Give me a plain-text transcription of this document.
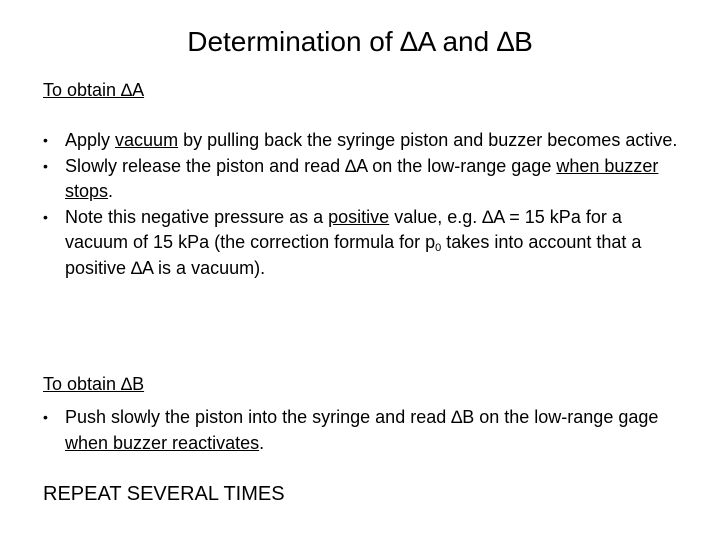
Determination of ∆A and ∆B
To obtain ∆A
• Apply vacuum by pulling back the syringe piston and buzzer becomes active.
• Slowly release the piston and read ∆A on the low-range gage when buzzer stops.
• Note this negative pressure as a positive value, e.g. ∆A = 15 kPa for a vacuum of 15 kPa (the correction formula for $p_0$ takes into account that a positive ∆A is a vacuum).
To obtain ∆B
• Push slowly the piston into the syringe and read ∆B on the low-range gage when buzzer reactivates.
REPEAT SEVERAL TIMES
